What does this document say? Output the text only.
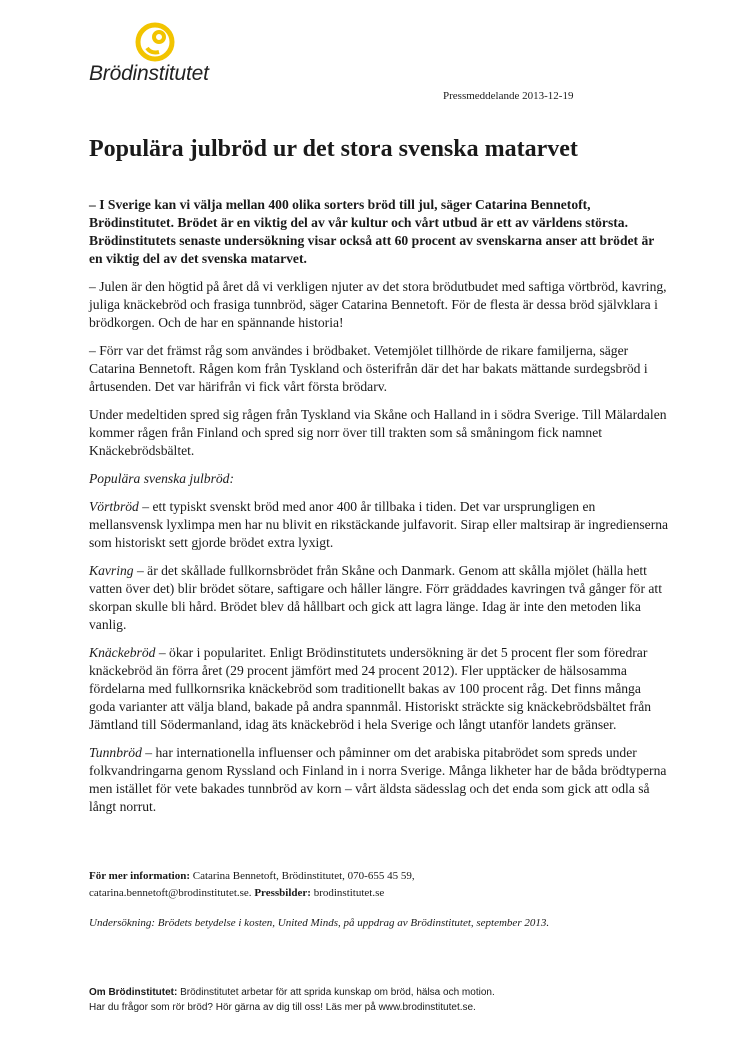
Brödinstitutet
Pressmeddelande 2013-12-19
Populära julbröd ur det stora svenska matarvet

– I Sverige kan vi välja mellan 400 olika sorters bröd till jul, säger Catarina Bennetoft, Brödinstitutet. Brödet är en viktig del av vår kultur och vårt utbud är ett av världens största. Brödinstitutets senaste undersökning visar också att 60 procent av svenskarna anser att brödet är en viktig del av det svenska matarvet.

– Julen är den högtid på året då vi verkligen njuter av det stora brödutbudet med saftiga vörtbröd, kavring, juliga knäckebröd och frasiga tunnbröd, säger Catarina Bennetoft. För de flesta är dessa bröd självklara i brödkorgen. Och de har en spännande historia!

– Förr var det främst råg som användes i brödbaket. Vetemjölet tillhörde de rikare familjerna, säger Catarina Bennetoft. Rågen kom från Tyskland och österifrån där det har bakats mättande surdegsbröd i årtusenden. Det var härifrån vi fick vårt första brödarv.

Under medeltiden spred sig rågen från Tyskland via Skåne och Halland in i södra Sverige. Till Mälardalen kommer rågen från Finland och spred sig norr över till trakten som så småningom fick namnet Knäckebrödsbältet.

Populära svenska julbröd:

Vörtbröd – ett typiskt svenskt bröd med anor 400 år tillbaka i tiden. Det var ursprungligen en mellansvensk lyxlimpa men har nu blivit en rikstäckande julfavorit. Sirap eller maltsirap är ingredienserna som historiskt sett gjorde brödet extra lyxigt.

Kavring – är det skållade fullkornsbrödet från Skåne och Danmark. Genom att skålla mjölet (hälla hett vatten över det) blir brödet sötare, saftigare och håller längre. Förr gräddades kavringen två gånger för att skorpan skulle bli hård. Brödet blev då hållbart och gick att lagra länge. Idag är inte den metoden lika vanlig.

Knäckebröd – ökar i popularitet. Enligt Brödinstitutets undersökning är det 5 procent fler som föredrar knäckebröd än förra året (29 procent jämfört med 24 procent 2012). Fler upptäcker de hälsosamma fördelarna med fullkornsrika knäckebröd som traditionellt bakas av 100 procent råg. Det finns många goda varianter att välja bland, bakade på andra spannmål. Historiskt sträckte sig knäckebrödsbältet från Jämtland till Södermanland, idag äts knäckebröd i hela Sverige och långt utanför landets gränser.

Tunnbröd – har internationella influenser och påminner om det arabiska pitabrödet som spreds under folkvandringarna genom Ryssland och Finland in i norra Sverige. Många likheter har de båda brödtyperna men istället för vete bakades tunnbröd av korn – vårt äldsta sädesslag och det enda som gick att odla så långt norrut.

För mer information: Catarina Bennetoft, Brödinstitutet, 070-655 45 59,
catarina.bennetoft@brodinstitutet.se. Pressbilder: brodinstitutet.se
Undersökning: Brödets betydelse i kosten, United Minds, på uppdrag av Brödinstitutet, september 2013.
Om Brödinstitutet: Brödinstitutet arbetar för att sprida kunskap om bröd, hälsa och motion.
Har du frågor som rör bröd? Hör gärna av dig till oss! Läs mer på www.brodinstitutet.se.
